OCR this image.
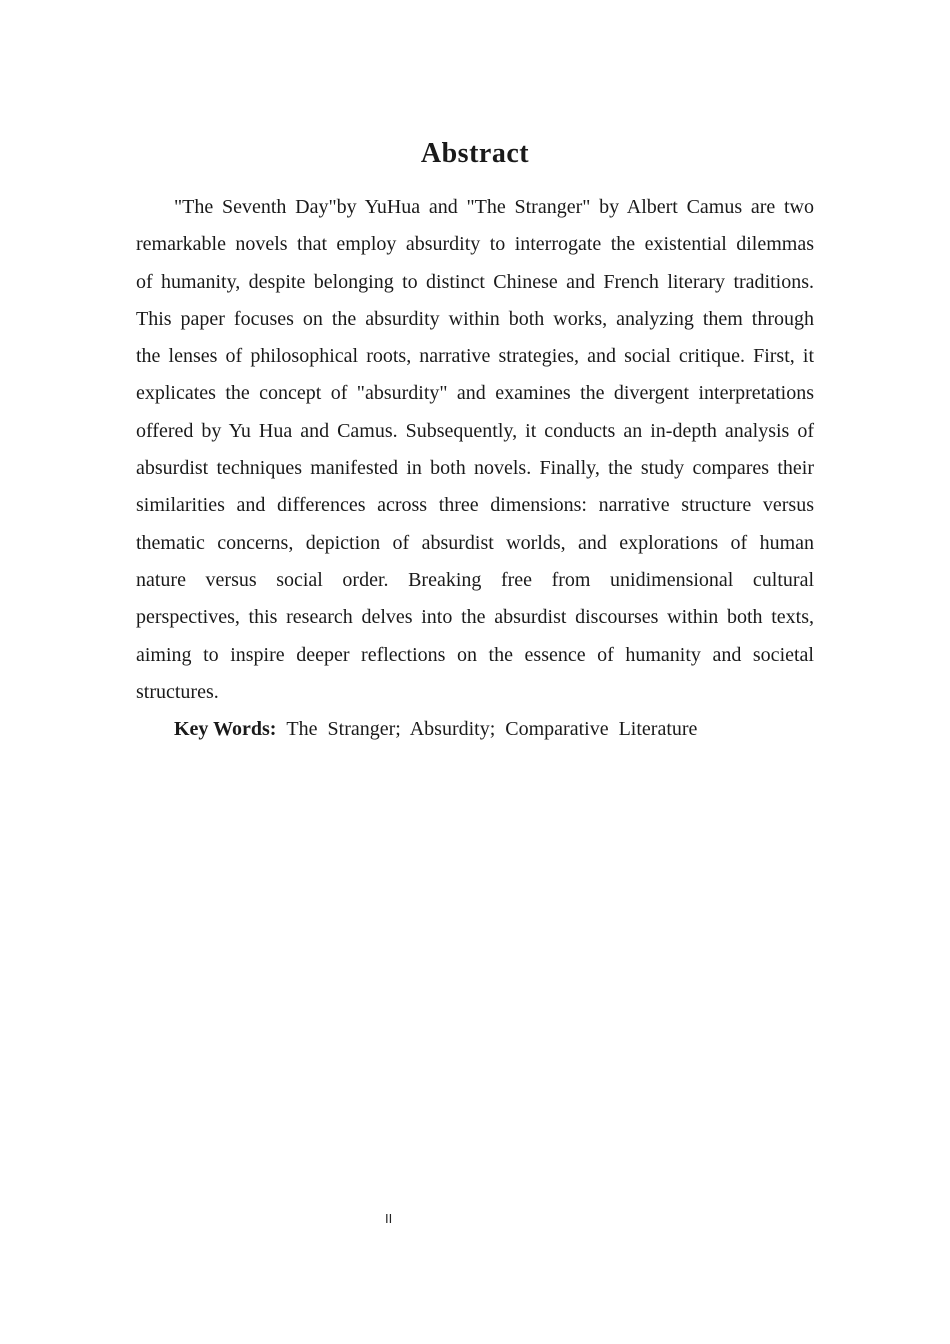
Abstract
"The Seventh Day"by YuHua and "The Stranger" by Albert Camus are two
remarkable novels that employ absurdity to interrogate the existential dilemmas
of humanity, despite belonging to distinct Chinese and French literary traditions.
This paper focuses on the absurdity within both works, analyzing them through
the lenses of philosophical roots, narrative strategies, and social critique. First, it
explicates the concept of "absurdity" and examines the divergent interpretations
offered by Yu Hua and Camus. Subsequently, it conducts an in-depth analysis of
absurdist techniques manifested in both novels. Finally, the study compares their
similarities and differences across three dimensions: narrative structure versus
thematic concerns, depiction of absurdist worlds, and explorations of human
nature versus social order. Breaking free from unidimensional cultural
perspectives, this research delves into the absurdist discourses within both texts,
aiming to inspire deeper reflections on the essence of humanity and societal
structures.
Key Words: The Stranger; Absurdity; Comparative Literature
II
